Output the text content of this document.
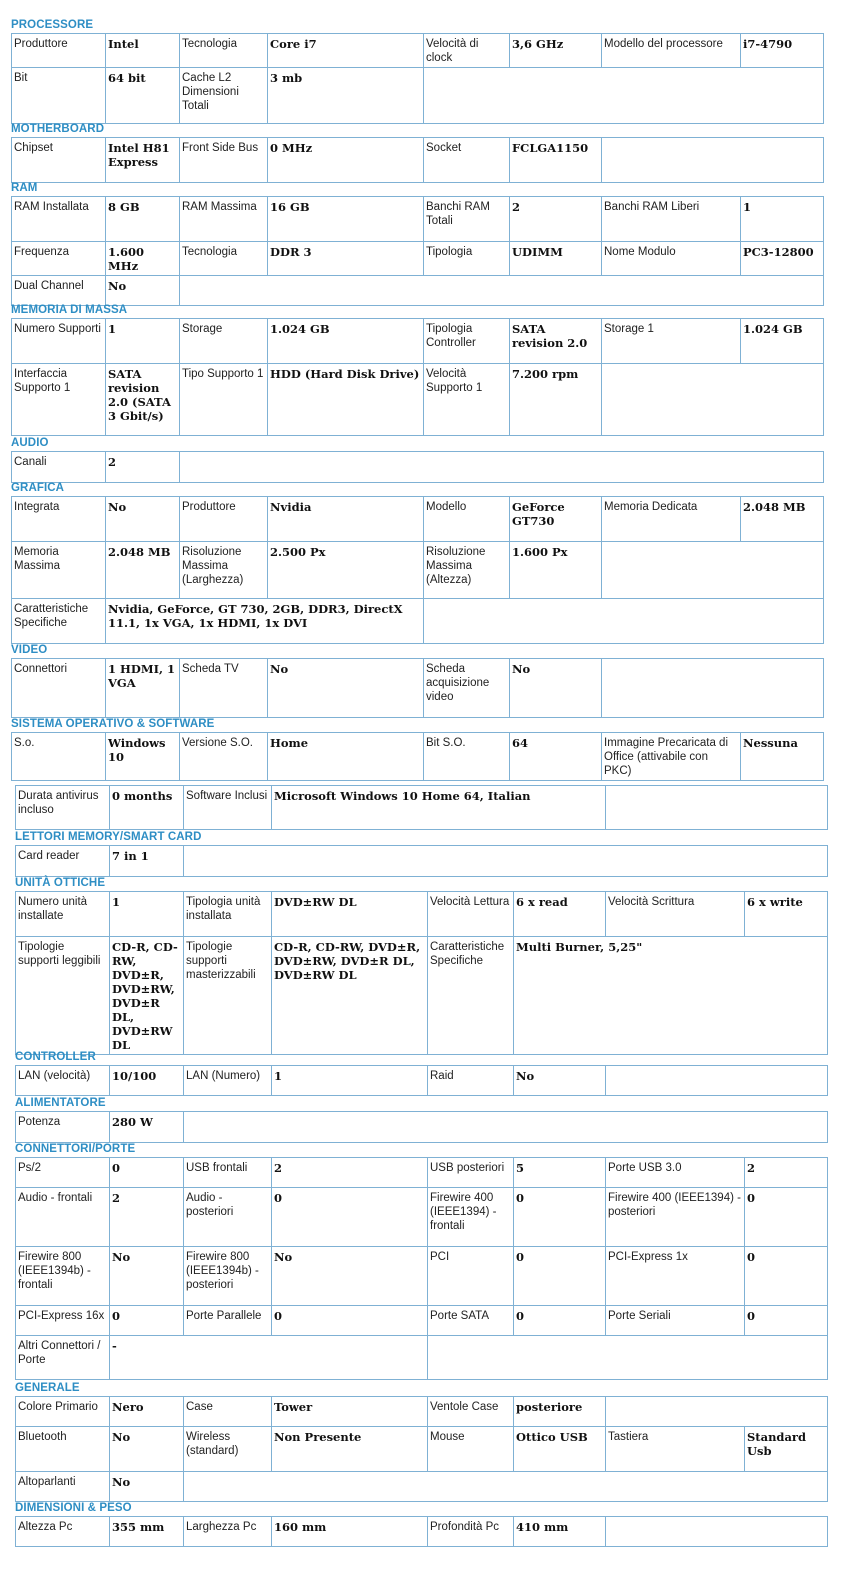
PROCESSORE
Produttore	Intel	Tecnologia	Core i7	Velocità di clock	3,6 GHz	Modello del processore	i7-4790
Bit	64 bit	Cache L2 Dimensioni Totali	3 mb				
MOTHERBOARD
Chipset	Intel H81 Express	Front Side Bus	0 MHz	Socket	FCLGA1150	
RAM
RAM Installata	8 GB	RAM Massima	16 GB	Banchi RAM Totali	2	Banchi RAM Liberi	1
Frequenza	1.600 MHz	Tecnologia	DDR 3	Tipologia	UDIMM	Nome Modulo	PC3-12800
Dual Channel	No						
MEMORIA DI MASSA
Numero Supporti	1	Storage	1.024 GB	Tipologia Controller	SATA revision 2.0	Storage 1	1.024 GB
Interfaccia Supporto 1	SATA revision 2.0 (SATA 3 Gbit/s)	Tipo Supporto 1	HDD (Hard Disk Drive)	Velocità Supporto 1	7.200 rpm		
AUDIO
Canali	2	
GRAFICA
Integrata	No	Produttore	Nvidia	Modello	GeForce GT730	Memoria Dedicata	2.048 MB
Memoria Massima	2.048 MB	Risoluzione Massima (Larghezza)	2.500 Px	Risoluzione Massima (Altezza)	1.600 Px		
Caratteristiche Specifiche	Nvidia, GeForce, GT 730, 2GB, DDR3, DirectX 11.1, 1x VGA, 1x HDMI, 1x DVI						
VIDEO
Connettori	1 HDMI, 1 VGA	Scheda TV	No	Scheda acquisizione video	No	
SISTEMA OPERATIVO & SOFTWARE
S.o.	Windows 10	Versione S.O.	Home	Bit S.O.	64	Immagine Precaricata di Office (attivabile con PKC)	Nessuna
Durata antivirus incluso	0 months	Software Inclusi	Microsoft Windows 10 Home 64, Italian	
LETTORI MEMORY/SMART CARD
Card reader	7 in 1	
UNITÀ OTTICHE
Numero unità installate	1	Tipologia unità installata	DVD±RW DL	Velocità Lettura	6 x read	Velocità Scrittura	6 x write
Tipologie supporti leggibili	CD-R, CD-RW, DVD±R, DVD±RW, DVD±R DL, DVD±RW DL	Tipologie supporti masterizzabili	CD-R, CD-RW, DVD±R, DVD±RW, DVD±R DL, DVD±RW DL	Caratteristiche Specifiche	Multi Burner, 5,25"		
CONTROLLER
LAN (velocità)	10/100	LAN (Numero)	1	Raid	No	
ALIMENTATORE
Potenza	280 W	
CONNETTORI/PORTE
Ps/2	0	USB frontali	2	USB posteriori	5	Porte USB 3.0	2
Audio - frontali	2	Audio - posteriori	0	Firewire 400 (IEEE1394) - frontali	0	Firewire 400 (IEEE1394) - posteriori	0
Firewire 800 (IEEE1394b) - frontali	No	Firewire 800 (IEEE1394b) - posteriori	No	PCI	0	PCI-Express 1x	0
PCI-Express 16x	0	Porte Parallele	0	Porte SATA	0	Porte Seriali	0
Altri Connettori / Porte	-						
GENERALE
Colore Primario	Nero	Case	Tower	Ventole Case	posteriore		
Bluetooth	No	Wireless (standard)	Non Presente	Mouse	Ottico USB	Tastiera	Standard Usb
Altoparlanti	No						
DIMENSIONI & PESO
Altezza Pc	355 mm	Larghezza Pc	160 mm	Profondità Pc	410 mm	
